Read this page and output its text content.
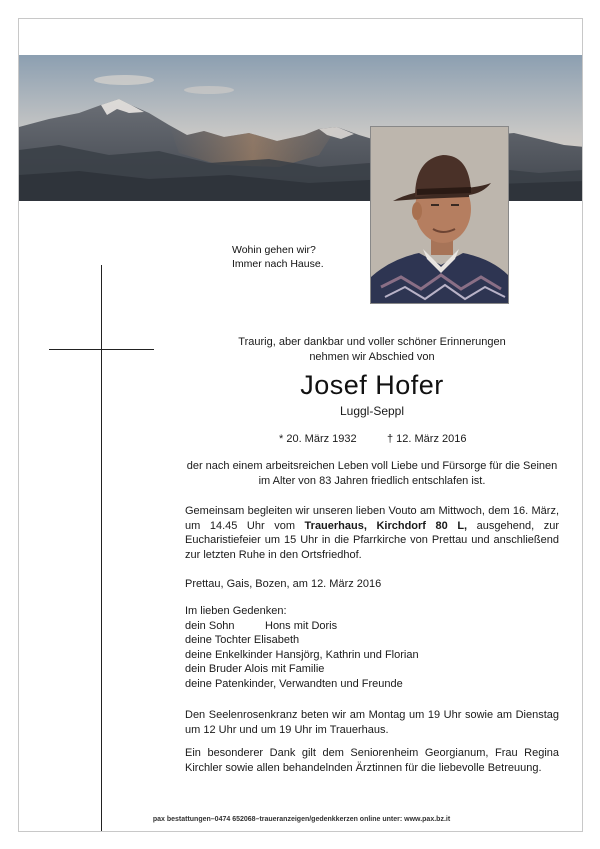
Wohin gehen wir?
Immer nach Hause.
Traurig, aber dankbar und voller schöner Erinnerungen
nehmen wir Abschied von
Josef Hofer
Luggl-Seppl
* 20. März 1932	† 12. März 2016
der nach einem arbeitsreichen Leben voll Liebe und Fürsorge für die Seinen
im Alter von 83 Jahren friedlich entschlafen ist.
Gemeinsam begleiten wir unseren lieben Vouto am Mittwoch, dem 16. März, um 14.45 Uhr vom Trauerhaus, Kirchdorf 80 L, ausgehend, zur Eucharistiefeier um 15 Uhr in die Pfarrkirche von Prettau und anschließend zur letzten Ruhe in den Ortsfriedhof.
Prettau, Gais, Bozen, am 12. März 2016
Im lieben Gedenken:
dein Sohn	Hons mit Doris
deine Tochter Elisabeth
deine Enkelkinder Hansjörg, Kathrin und Florian
dein Bruder Alois mit Familie
deine Patenkinder, Verwandten und Freunde
Den Seelenrosenkranz beten wir am Montag um 19 Uhr sowie am Dienstag um 12 Uhr und um 19 Uhr im Trauerhaus.
Ein besonderer Dank gilt dem Seniorenheim Georgianum, Frau Regina Kirchler sowie allen behandelnden Ärztinnen für die liebevolle Betreuung.
pax bestattungen–0474 652068–traueranzeigen/gedenkkerzen online unter: www.pax.bz.it
